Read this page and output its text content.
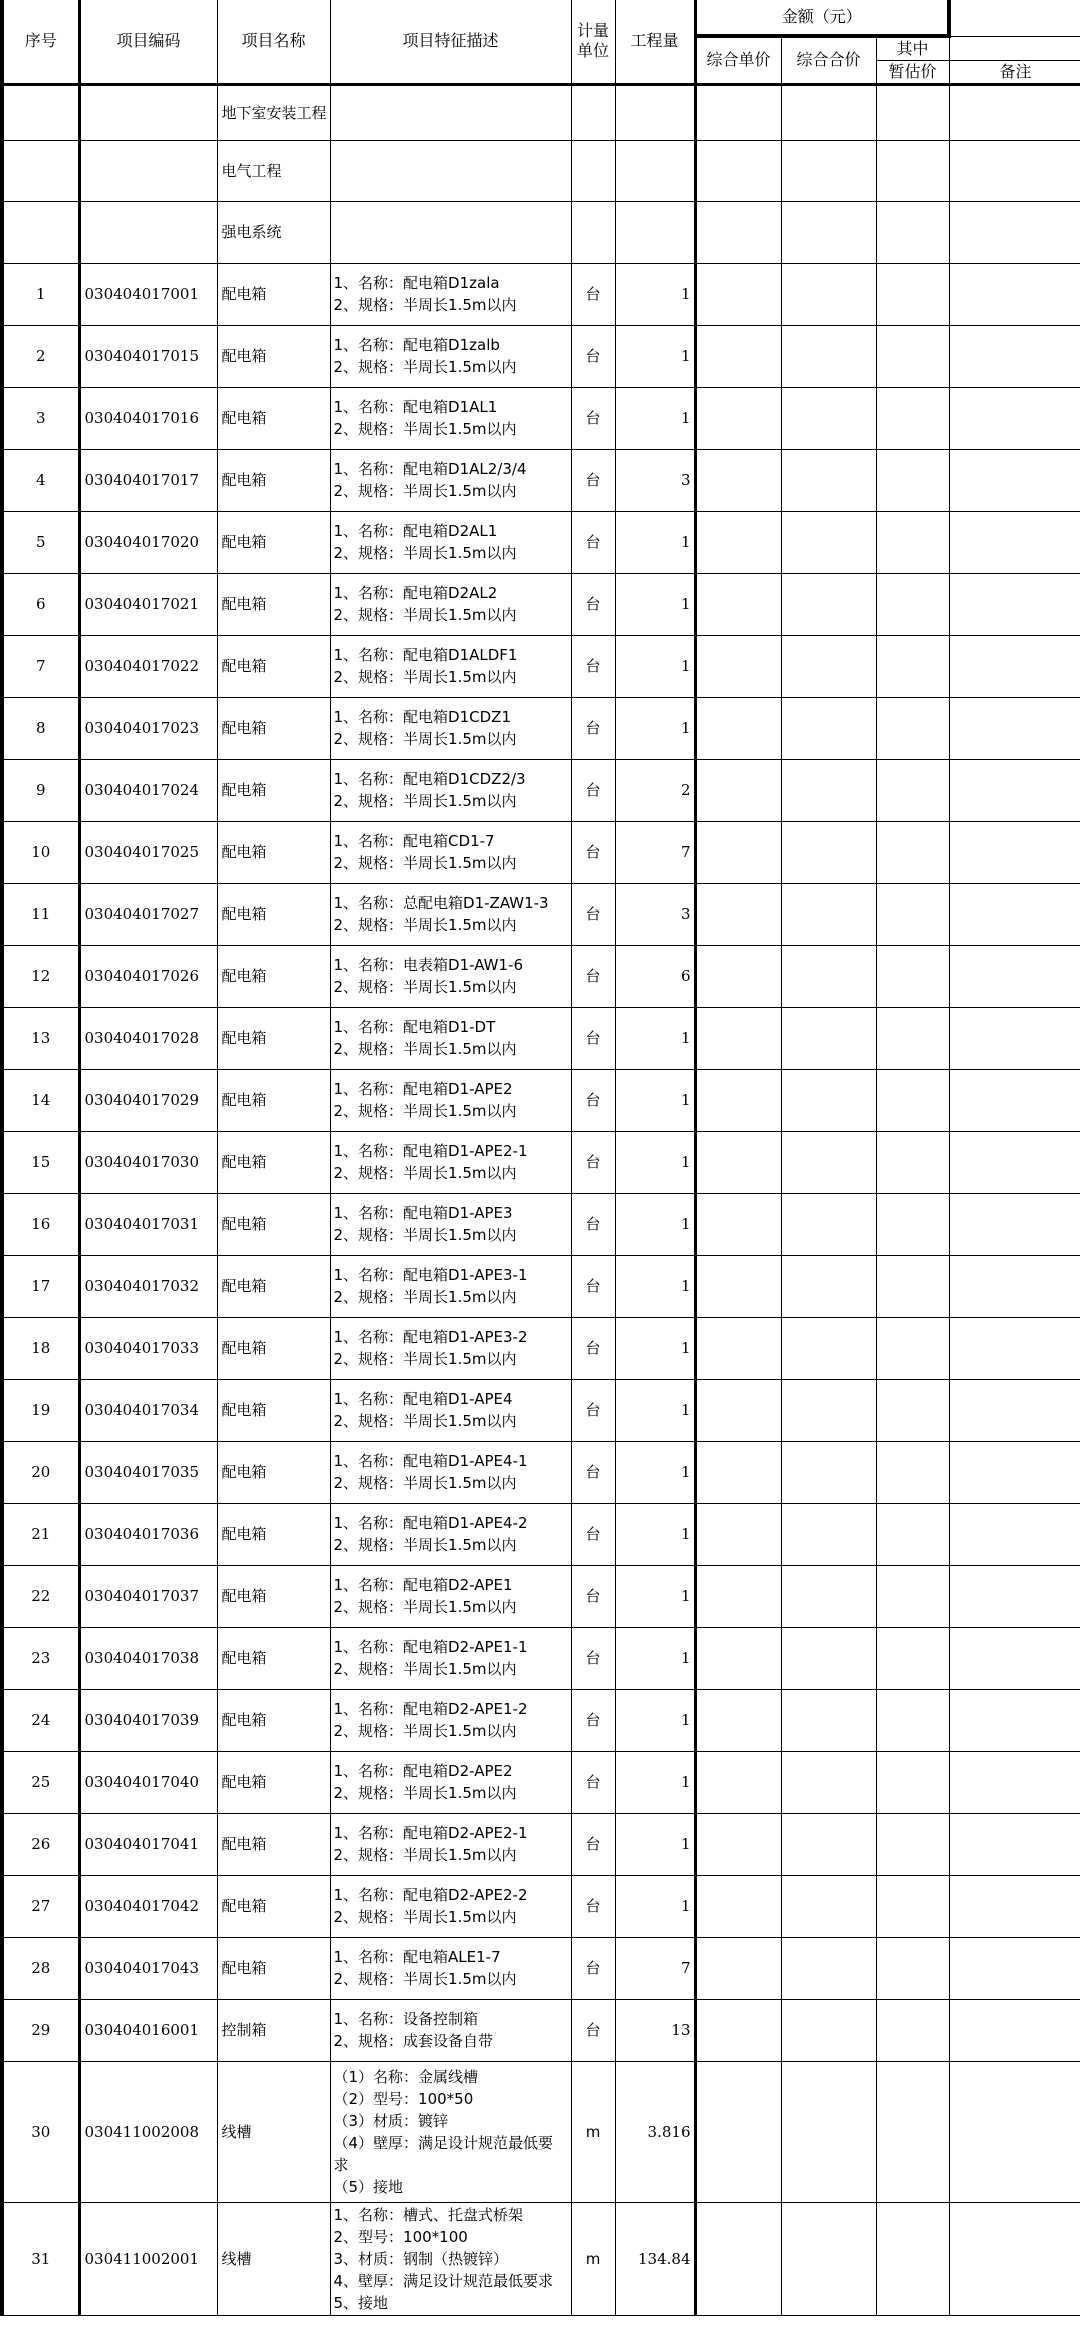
序号	项目编码	项目名称	项目特征描述	计量
单位	工程量	金额（元）			
						综合单价	综合合价	其中	
								暂估价	备注
		地下室安装工程							
		电气工程							
		强电系统							
1	030404017001	配电箱	1、名称：配电箱D1zala
2、规格：半周长1.5m以内	台	1				
2	030404017015	配电箱	1、名称：配电箱D1zalb
2、规格：半周长1.5m以内	台	1				
3	030404017016	配电箱	1、名称：配电箱D1AL1
2、规格：半周长1.5m以内	台	1				
4	030404017017	配电箱	1、名称：配电箱D1AL2/3/4
2、规格：半周长1.5m以内	台	3				
5	030404017020	配电箱	1、名称：配电箱D2AL1
2、规格：半周长1.5m以内	台	1				
6	030404017021	配电箱	1、名称：配电箱D2AL2
2、规格：半周长1.5m以内	台	1				
7	030404017022	配电箱	1、名称：配电箱D1ALDF1
2、规格：半周长1.5m以内	台	1				
8	030404017023	配电箱	1、名称：配电箱D1CDZ1
2、规格：半周长1.5m以内	台	1				
9	030404017024	配电箱	1、名称：配电箱D1CDZ2/3
2、规格：半周长1.5m以内	台	2				
10	030404017025	配电箱	1、名称：配电箱CD1-7
2、规格：半周长1.5m以内	台	7				
11	030404017027	配电箱	1、名称：总配电箱D1-ZAW1-3
2、规格：半周长1.5m以内	台	3				
12	030404017026	配电箱	1、名称：电表箱D1-AW1-6
2、规格：半周长1.5m以内	台	6				
13	030404017028	配电箱	1、名称：配电箱D1-DT
2、规格：半周长1.5m以内	台	1				
14	030404017029	配电箱	1、名称：配电箱D1-APE2
2、规格：半周长1.5m以内	台	1				
15	030404017030	配电箱	1、名称：配电箱D1-APE2-1
2、规格：半周长1.5m以内	台	1				
16	030404017031	配电箱	1、名称：配电箱D1-APE3
2、规格：半周长1.5m以内	台	1				
17	030404017032	配电箱	1、名称：配电箱D1-APE3-1
2、规格：半周长1.5m以内	台	1				
18	030404017033	配电箱	1、名称：配电箱D1-APE3-2
2、规格：半周长1.5m以内	台	1				
19	030404017034	配电箱	1、名称：配电箱D1-APE4
2、规格：半周长1.5m以内	台	1				
20	030404017035	配电箱	1、名称：配电箱D1-APE4-1
2、规格：半周长1.5m以内	台	1				
21	030404017036	配电箱	1、名称：配电箱D1-APE4-2
2、规格：半周长1.5m以内	台	1				
22	030404017037	配电箱	1、名称：配电箱D2-APE1
2、规格：半周长1.5m以内	台	1				
23	030404017038	配电箱	1、名称：配电箱D2-APE1-1
2、规格：半周长1.5m以内	台	1				
24	030404017039	配电箱	1、名称：配电箱D2-APE1-2
2、规格：半周长1.5m以内	台	1				
25	030404017040	配电箱	1、名称：配电箱D2-APE2
2、规格：半周长1.5m以内	台	1				
26	030404017041	配电箱	1、名称：配电箱D2-APE2-1
2、规格：半周长1.5m以内	台	1				
27	030404017042	配电箱	1、名称：配电箱D2-APE2-2
2、规格：半周长1.5m以内	台	1				
28	030404017043	配电箱	1、名称：配电箱ALE1-7
2、规格：半周长1.5m以内	台	7				
29	030404016001	控制箱	1、名称：设备控制箱
2、规格：成套设备自带	台	13				
30	030411002008	线槽	（1）名称：金属线槽
（2）型号：100*50
（3）材质：镀锌
（4）壁厚：满足设计规范最低要求
（5）接地	m	3.816				
31	030411002001	线槽	1、名称：槽式、托盘式桥架
2、型号：100*100
3、材质：钢制（热镀锌）
4、壁厚：满足设计规范最低要求
5、接地	m	134.84				
